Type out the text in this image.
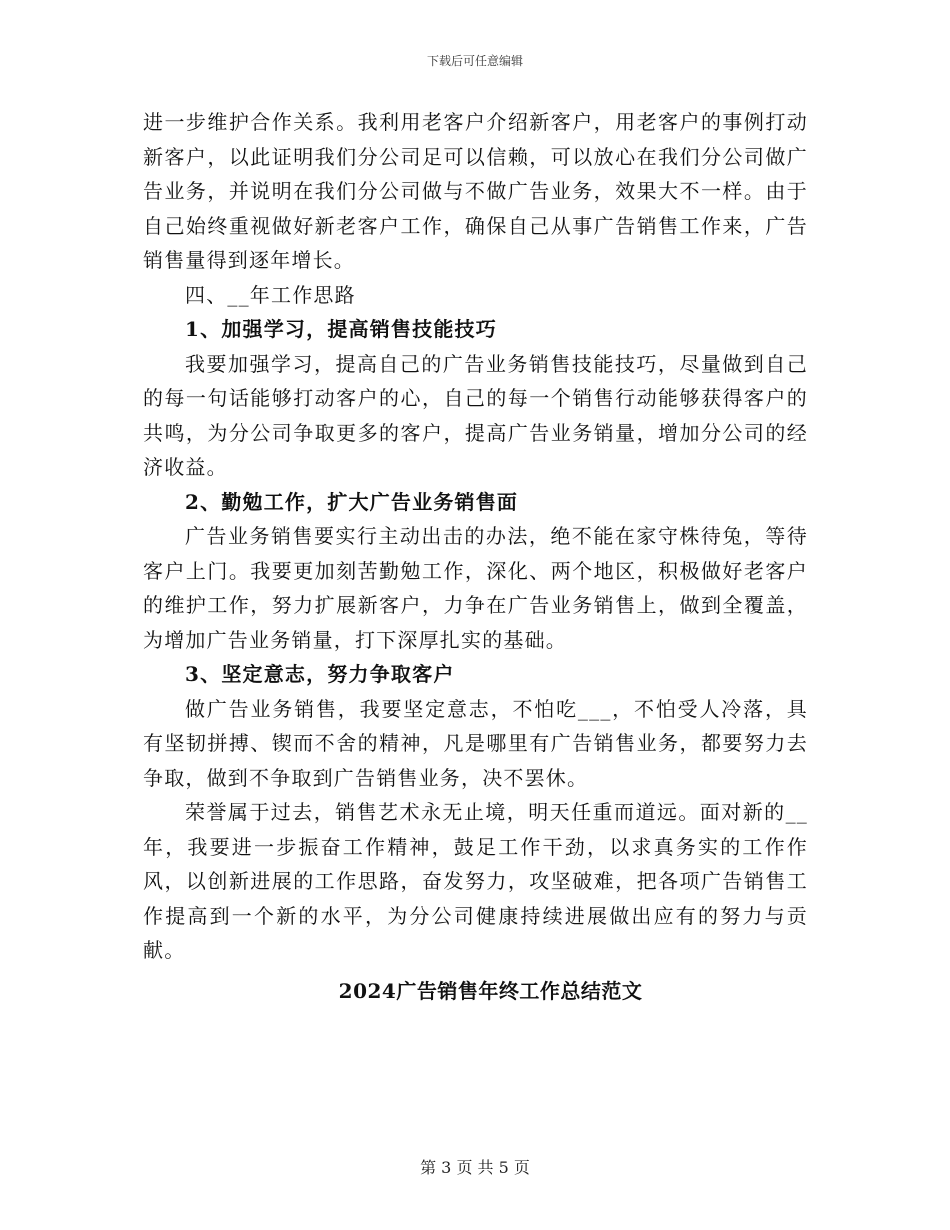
下载后可任意编辑

进一步维护合作关系。我利用老客户介绍新客户，用老客户的事例打动新客户，以此证明我们分公司足可以信赖，可以放心在我们分公司做广告业务，并说明在我们分公司做与不做广告业务，效果大不一样。由于自己始终重视做好新老客户工作，确保自己从事广告销售工作来，广告销售量得到逐年增长。

四、__年工作思路

1、加强学习，提高销售技能技巧

我要加强学习，提高自己的广告业务销售技能技巧，尽量做到自己的每一句话能够打动客户的心，自己的每一个销售行动能够获得客户的共鸣，为分公司争取更多的客户，提高广告业务销量，增加分公司的经济收益。

2、勤勉工作，扩大广告业务销售面

广告业务销售要实行主动出击的办法，绝不能在家守株待兔，等待客户上门。我要更加刻苦勤勉工作，深化、两个地区，积极做好老客户的维护工作，努力扩展新客户，力争在广告业务销售上，做到全覆盖，为增加广告业务销量，打下深厚扎实的基础。

3、坚定意志，努力争取客户

做广告业务销售，我要坚定意志，不怕吃___，不怕受人冷落，具有坚韧拼搏、锲而不舍的精神，凡是哪里有广告销售业务，都要努力去争取，做到不争取到广告销售业务，决不罢休。

荣誉属于过去，销售艺术永无止境，明天任重而道远。面对新的__年，我要进一步振奋工作精神，鼓足工作干劲，以求真务实的工作作风，以创新进展的工作思路，奋发努力，攻坚破难，把各项广告销售工作提高到一个新的水平，为分公司健康持续进展做出应有的努力与贡献。

2024广告销售年终工作总结范文

第 3 页 共 5 页
